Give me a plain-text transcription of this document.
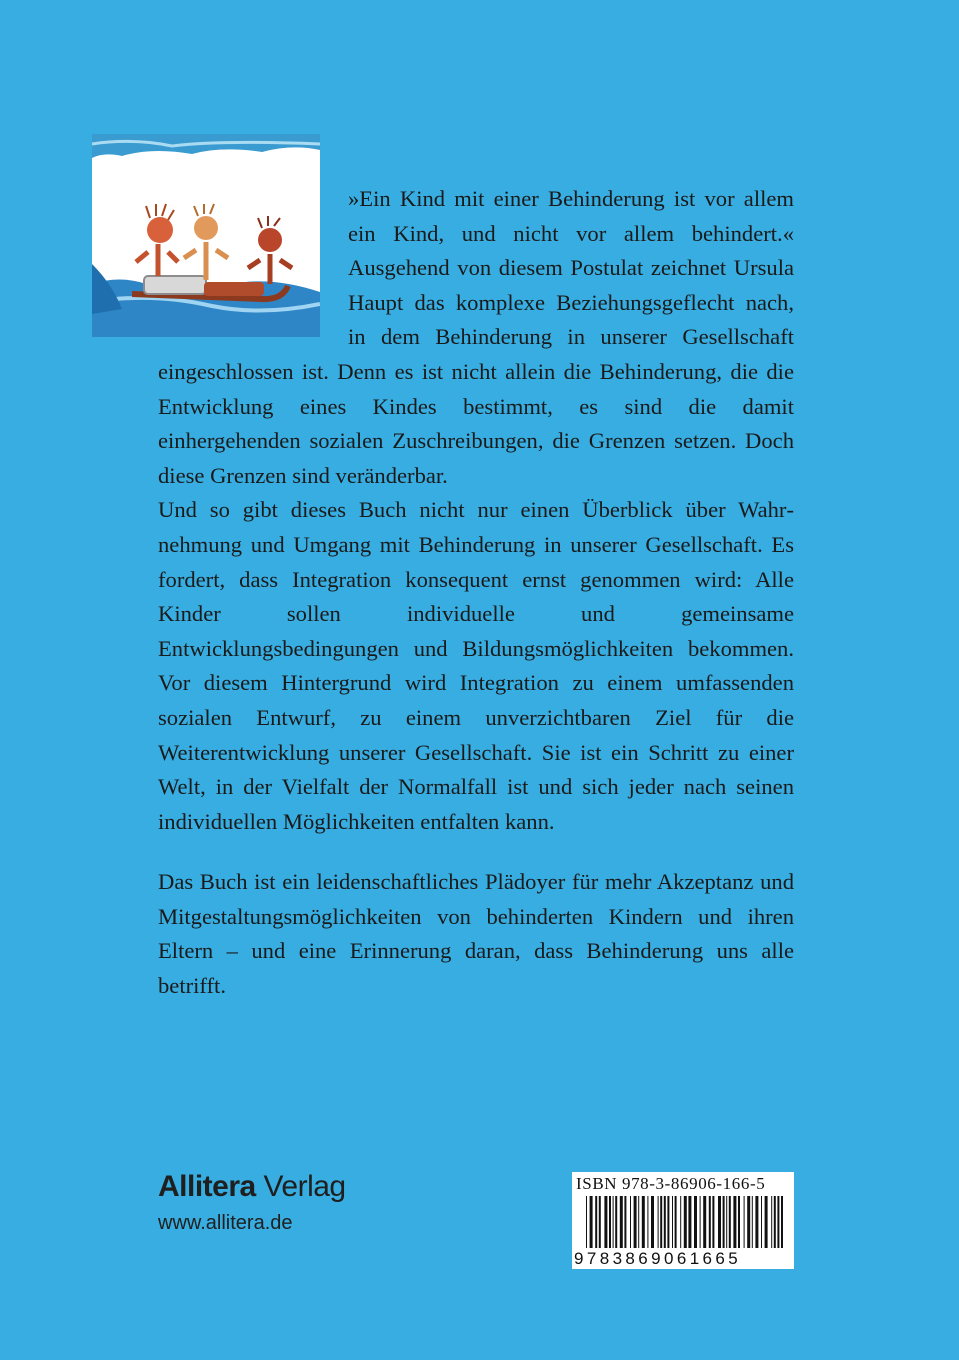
»Ein Kind mit einer Behinderung ist vor allem ein Kind, und nicht vor allem behindert.« Ausgehend von diesem Postulat zeichnet Ursula Haupt das komplexe Beziehungsgeflecht nach, in dem Behinderung in unserer Gesellschaft eingeschlossen ist. Denn es ist nicht allein die Behinderung, die die Entwicklung eines Kindes bestimmt, es sind die damit einhergehenden sozialen Zuschreibungen, die Grenzen setzen. Doch diese Grenzen sind veränderbar.

Und so gibt dieses Buch nicht nur einen Überblick über Wahrnehmung und Umgang mit Behinderung in unserer Gesellschaft. Es fordert, dass Integration konsequent ernst genommen wird: Alle Kinder sollen individuelle und gemeinsame Entwicklungsbedingungen und Bildungsmöglichkeiten bekommen. Vor diesem Hintergrund wird Integration zu einem umfassenden sozialen Entwurf, zu einem unverzichtbaren Ziel für die Weiterentwicklung unserer Gesellschaft. Sie ist ein Schritt zu einer Welt, in der Vielfalt der Normalfall ist und sich jeder nach seinen individuellen Möglichkeiten entfalten kann.

Das Buch ist ein leidenschaftliches Plädoyer für mehr Akzeptanz und Mitgestaltungsmöglichkeiten von behinderten Kindern und ihren Eltern – und eine Erinnerung daran, dass Behinderung uns alle betrifft.

Allitera Verlag
www.allitera.de
ISBN 978-3-86906-166-5
9783869061665
